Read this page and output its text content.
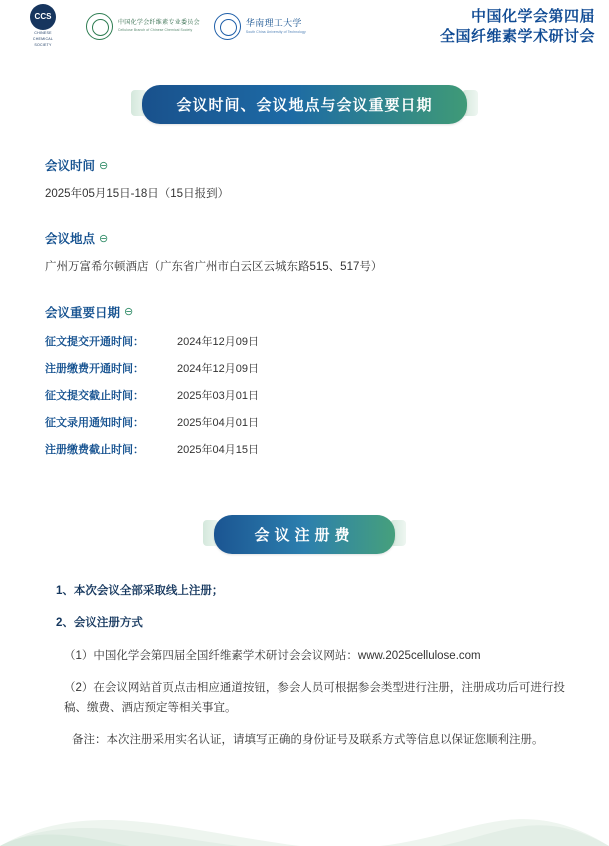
CCS
CHINESE
CHEMICAL
SOCIETY
中国化学会纤维素专业委员会
Cellulose Branch of Chinese Chemical Society
华南理工大学
South China University of Technology
中国化学会第四届
全国纤维素学术研讨会
会议时间、会议地点与会议重要日期
会议时间 ⊖

2025年05月15日-18日（15日报到）

会议地点 ⊖

广州万富希尔顿酒店（广东省广州市白云区云城东路515、517号）

会议重要日期 ⊖
征文提交开通时间：	2024年12月09日
注册缴费开通时间：	2024年12月09日
征文提交截止时间：	2025年03月01日
征文录用通知时间：	2025年04月01日
注册缴费截止时间：	2025年04月15日
会议注册费

1、本次会议全部采取线上注册；

2、会议注册方式

（1）中国化学会第四届全国纤维素学术研讨会会议网站：www.2025cellulose.com

（2）在会议网站首页点击相应通道按钮，参会人员可根据参会类型进行注册，注册成功后可进行投稿、缴费、酒店预定等相关事宜。

备注：本次注册采用实名认证，请填写正确的身份证号及联系方式等信息以保证您顺利注册。
